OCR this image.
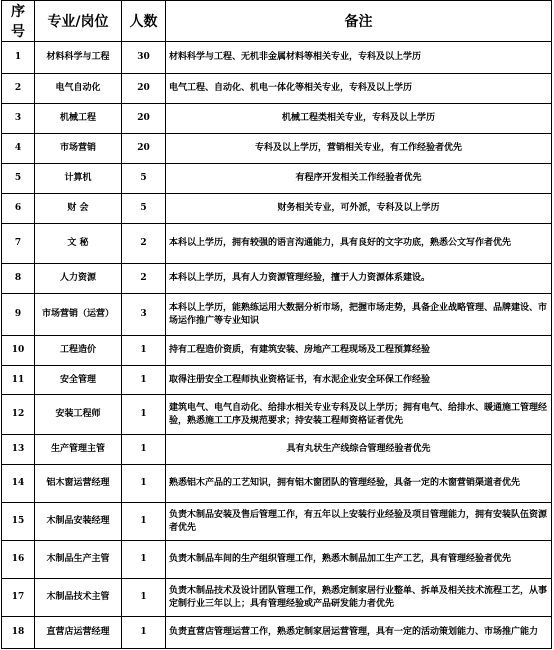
序号	专业/岗位	人数	备注
1	材料科学与工程	30	材料科学与工程、无机非金属材料等相关专业，专科及以上学历
2	电气自动化	20	电气工程、自动化、机电一体化等相关专业，专科及以上学历
3	机械工程	20	机械工程类相关专业，专科及以上学历
4	市场营销	20	专科及以上学历，营销相关专业，有工作经验者优先
5	计算机	5	有程序开发相关工作经验者优先
6	财 会	5	财务相关专业，可外派，专科及以上学历
7	文 秘	2	本科以上学历，拥有较强的语言沟通能力，具有良好的文字功底，熟悉公文写作者优先
8	人力资源	2	本科以上学历，具有人力资源管理经验，擅于人力资源体系建设。
9	市场营销（运营）	3	本科以上学历，能熟练运用大数据分析市场，把握市场走势，具备企业战略管理、品牌建设、市场运作推广等专业知识
10	工程造价	1	持有工程造价资质，有建筑安装、房地产工程现场及工程预算经验
11	安全管理	1	取得注册安全工程师执业资格证书，有水泥企业安全环保工作经验
12	安装工程师	1	建筑电气、电气自动化、给排水相关专业专科及以上学历；拥有电气、给排水、暖通施工管理经验，熟悉施工工序及规范要求；持安装工程师资格证者优先
13	生产管理主管	1	具有丸状生产线综合管理经验者优先
14	铝木窗运营经理	1	熟悉铝木产品的工艺知识，拥有铝木窗团队的管理经验，具备一定的木窗营销渠道者优先
15	木制品安装经理	1	负责木制品安装及售后管理工作，有五年以上安装行业经验及项目管理能力，拥有安装队伍资源者优先
16	木制品生产主管	1	负责木制品车间的生产组织管理工作，熟悉木制品加工生产工艺，具有管理经验者优先
17	木制品技术主管	1	负责木制品技术及设计团队管理工作，熟悉定制家居行业整单、拆单及相关技术流程工艺，从事定制行业三年以上；具有管理经验或产品研发能力者优先
18	直营店运营经理	1	负责直营店管理运营工作，熟悉定制家居运营管理，具有一定的活动策划能力、市场推广能力
